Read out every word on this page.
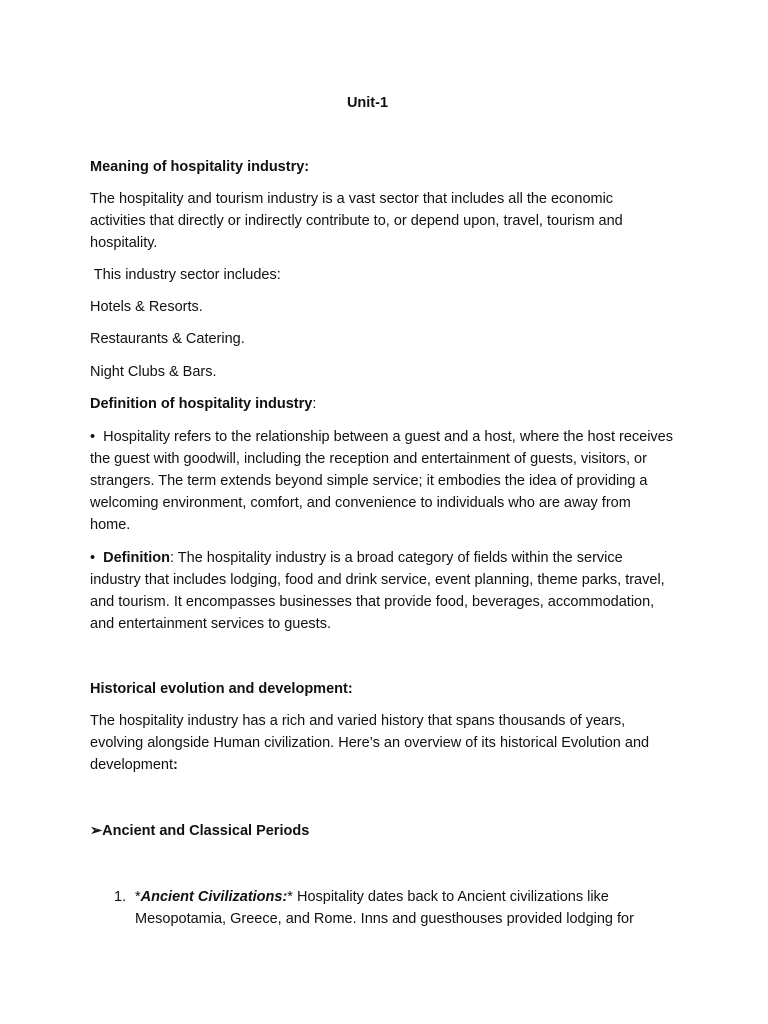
Unit-1
Meaning of hospitality industry:
The hospitality and tourism industry is a vast sector that includes all the economic
activities that directly or indirectly contribute to, or depend upon, travel, tourism and
hospitality.
This industry sector includes:
Hotels & Resorts.
Restaurants & Catering.
Night Clubs & Bars.
Definition of hospitality industry:
•  Hospitality refers to the relationship between a guest and a host, where the host receives
the guest with goodwill, including the reception and entertainment of guests, visitors, or
strangers. The term extends beyond simple service; it embodies the idea of providing a
welcoming environment, comfort, and convenience to individuals who are away from
home.
•  Definition: The hospitality industry is a broad category of fields within the service
industry that includes lodging, food and drink service, event planning, theme parks, travel,
and tourism. It encompasses businesses that provide food, beverages, accommodation,
and entertainment services to guests.
Historical evolution and development:
The hospitality industry has a rich and varied history that spans thousands of years,
evolving alongside Human civilization. Here’s an overview of its historical Evolution and
development:
➢Ancient and Classical Periods
1. *Ancient Civilizations:* Hospitality dates back to Ancient civilizations like
Mesopotamia, Greece, and Rome. Inns and guesthouses provided lodging for
